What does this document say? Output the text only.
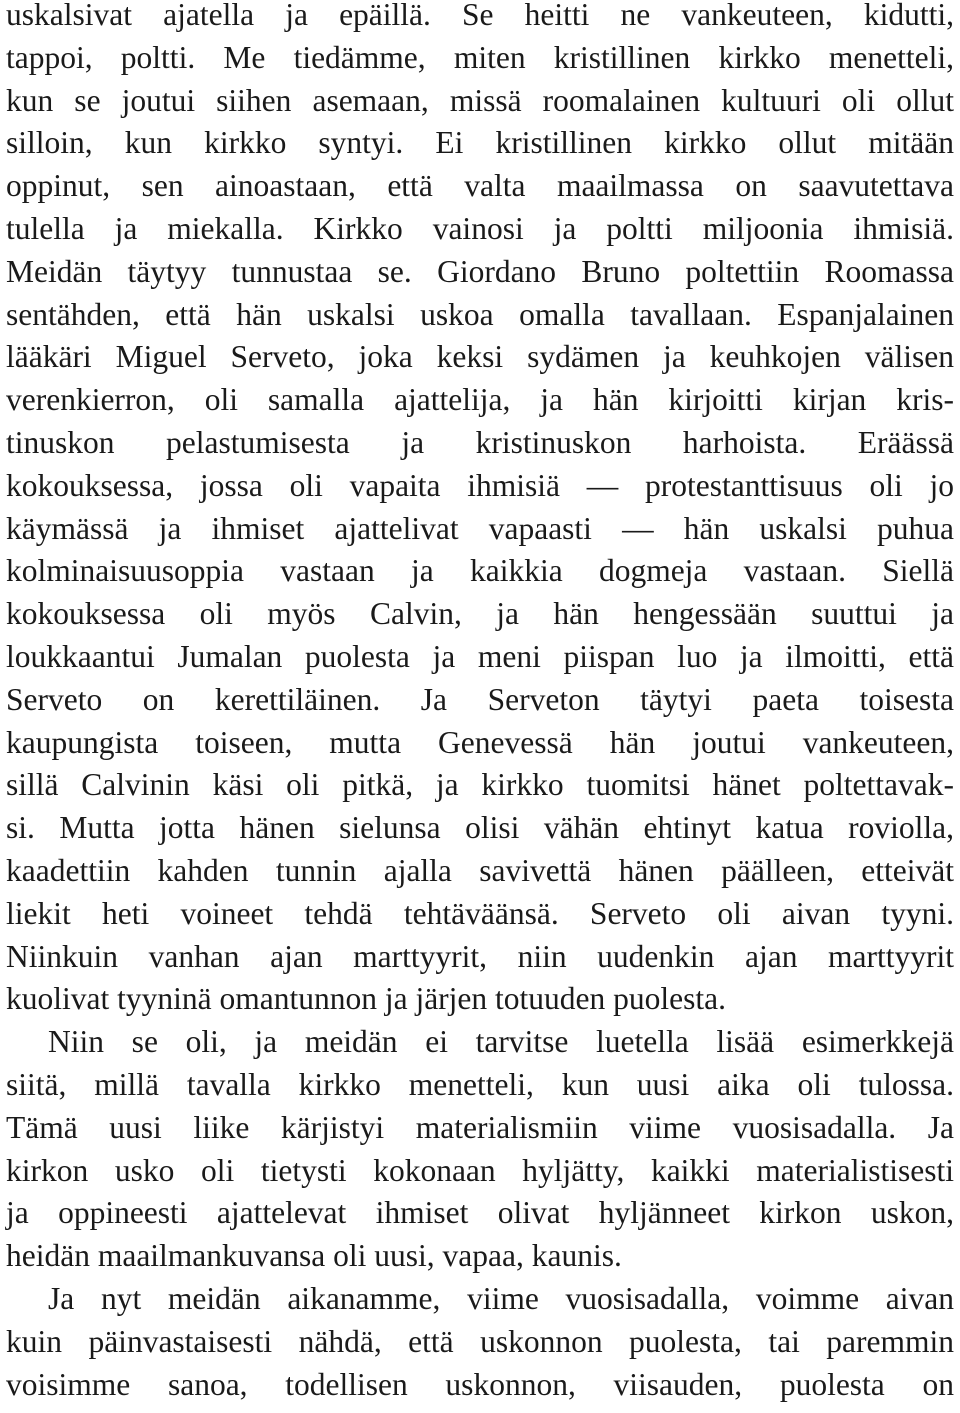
uskalsivat ajatella ja epäillä. Se heitti ne vankeuteen, kidutti,
tappoi, poltti. Me tiedämme, miten kristillinen kirkko menetteli,
kun se joutui siihen asemaan, missä roomalainen kultuuri oli ollut
silloin, kun kirkko syntyi. Ei kristillinen kirkko ollut mitään
oppinut, sen ainoastaan, että valta maailmassa on saavutettava
tulella ja miekalla. Kirkko vainosi ja poltti miljoonia ihmisiä.
Meidän täytyy tunnustaa se. Giordano Bruno poltettiin Roomassa
sentähden, että hän uskalsi uskoa omalla tavallaan. Espanjalainen
lääkäri Miguel Serveto, joka keksi sydämen ja keuhkojen välisen
verenkierron, oli samalla ajattelija, ja hän kirjoitti kirjan kris-
tinuskon pelastumisesta ja kristinuskon harhoista. Eräässä
kokouksessa, jossa oli vapaita ihmisiä — protestanttisuus oli jo
käymässä ja ihmiset ajattelivat vapaasti — hän uskalsi puhua
kolminaisuusoppia vastaan ja kaikkia dogmeja vastaan. Siellä
kokouksessa oli myös Calvin, ja hän hengessään suuttui ja
loukkaantui Jumalan puolesta ja meni piispan luo ja ilmoitti, että
Serveto on kerettiläinen. Ja Serveton täytyi paeta toisesta
kaupungista toiseen, mutta Genevessä hän joutui vankeuteen,
sillä Calvinin käsi oli pitkä, ja kirkko tuomitsi hänet poltettavak-
si. Mutta jotta hänen sielunsa olisi vähän ehtinyt katua roviolla,
kaadettiin kahden tunnin ajalla savivettä hänen päälleen, etteivät
liekit heti voineet tehdä tehtäväänsä. Serveto oli aivan tyyni.
Niinkuin vanhan ajan marttyyrit, niin uudenkin ajan marttyyrit
kuolivat tyyninä omantunnon ja järjen totuuden puolesta.
Niin se oli, ja meidän ei tarvitse luetella lisää esimerkkejä
siitä, millä tavalla kirkko menetteli, kun uusi aika oli tulossa.
Tämä uusi liike kärjistyi materialismiin viime vuosisadalla. Ja
kirkon usko oli tietysti kokonaan hyljätty, kaikki materialistisesti
ja oppineesti ajattelevat ihmiset olivat hyljänneet kirkon uskon,
heidän maailmankuvansa oli uusi, vapaa, kaunis.
Ja nyt meidän aikanamme, viime vuosisadalla, voimme aivan
kuin päinvastaisesti nähdä, että uskonnon puolesta, tai paremmin
voisimme sanoa, todellisen uskonnon, viisauden, puolesta on
